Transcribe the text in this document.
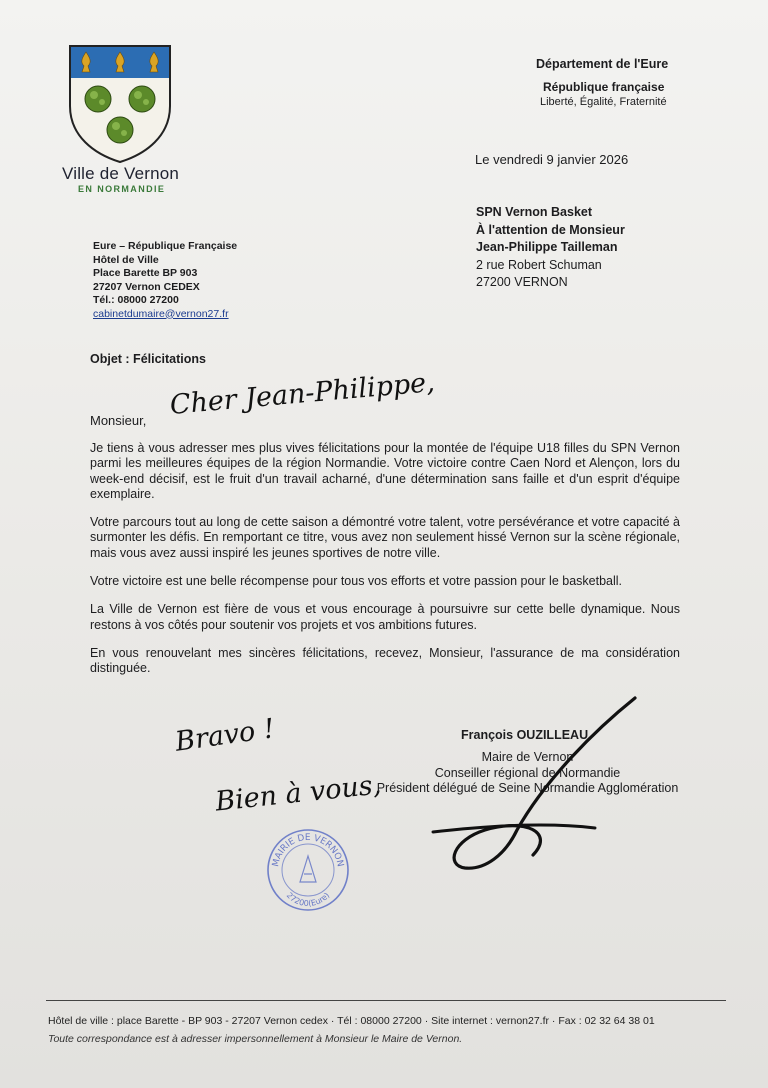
Ville de Vernon
EN NORMANDIE
Département de l'Eure
République française
Liberté, Égalité, Fraternité
Le vendredi 9 janvier 2026
SPN Vernon Basket
À l'attention de Monsieur
Jean-Philippe Tailleman
2 rue Robert Schuman
27200 VERNON
Eure – République Française
Hôtel de Ville
Place Barette BP 903
27207 Vernon CEDEX
Tél.: 08000 27200
cabinetdumaire@vernon27.fr
Objet : Félicitations
Monsieur, Cher Jean-Philippe,

Je tiens à vous adresser mes plus vives félicitations pour la montée de l'équipe U18 filles du SPN Vernon parmi les meilleures équipes de la région Normandie. Votre victoire contre Caen Nord et Alençon, lors du week-end décisif, est le fruit d'un travail acharné, d'une détermination sans faille et d'un esprit d'équipe exemplaire.

Votre parcours tout au long de cette saison a démontré votre talent, votre persévérance et votre capacité à surmonter les défis. En remportant ce titre, vous avez non seulement hissé Vernon sur la scène régionale, mais vous avez aussi inspiré les jeunes sportives de notre ville.

Votre victoire est une belle récompense pour tous vos efforts et votre passion pour le basketball.

La Ville de Vernon est fière de vous et vous encourage à poursuivre sur cette belle dynamique. Nous restons à vos côtés pour soutenir vos projets et vos ambitions futures.

En vous renouvelant mes sincères félicitations, recevez, Monsieur, l'assurance de ma considération distinguée.

Bravo !
Bien à vous,
François OUZILLEAU
Maire de Vernon
Conseiller régional de Normandie
Président délégué de Seine Normandie Agglomération
MAIRIE DE VERNON
27200(Eure)
Hôtel de ville : place Barette - BP 903 - 27207 Vernon cedex · Tél : 08000 27200 · Site internet : vernon27.fr · Fax : 02 32 64 38 01
Toute correspondance est à adresser impersonnellement à Monsieur le Maire de Vernon.
